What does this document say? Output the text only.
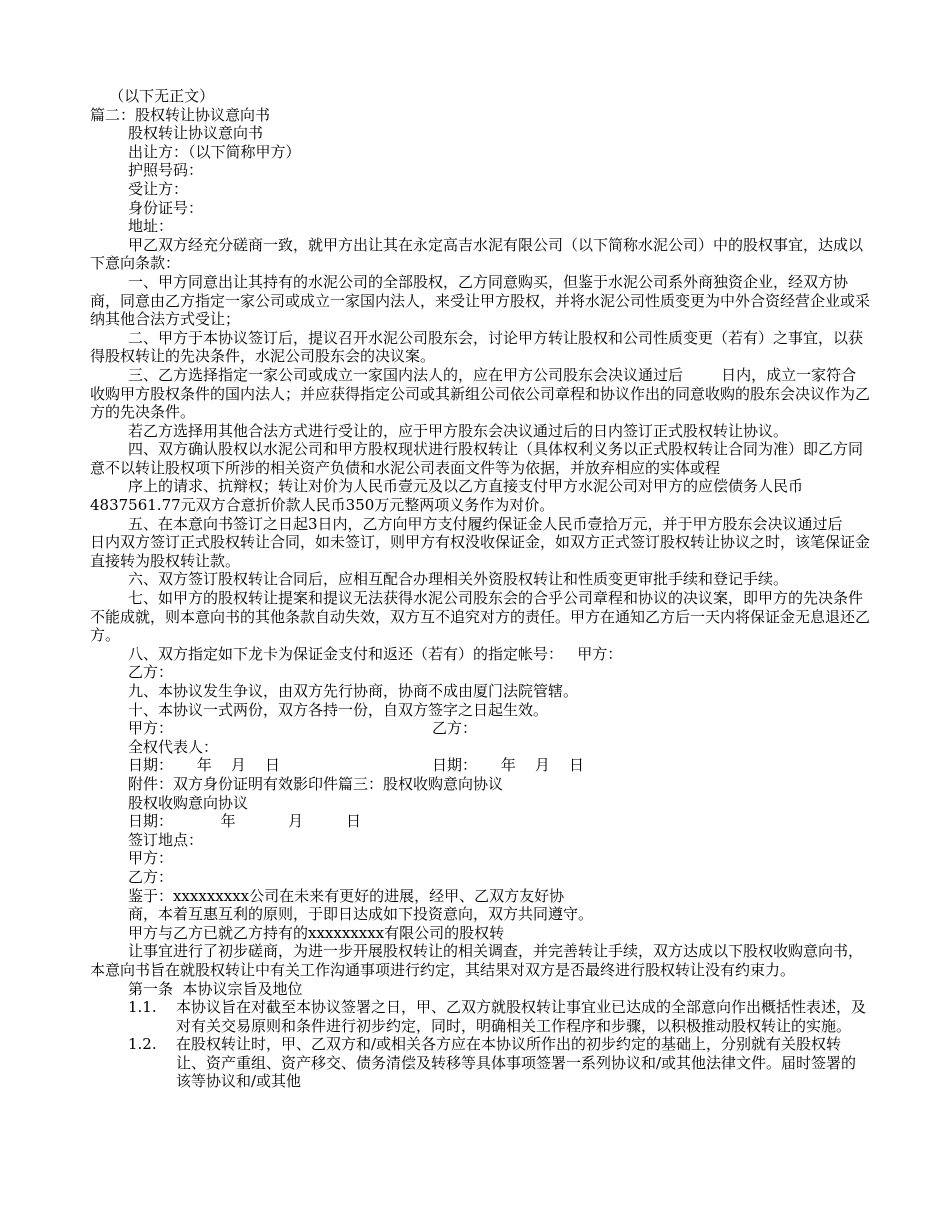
（以下无正文）

篇二：股权转让协议意向书

股权转让协议意向书

出让方：（以下简称甲方）

护照号码：

受让方：

身份证号：

地址：

甲乙双方经充分磋商一致，就甲方出让其在永定高吉水泥有限公司（以下简称水泥公司）中的股权事宜，达成以下意向条款：

一、甲方同意出让其持有的水泥公司的全部股权，乙方同意购买，但鉴于水泥公司系外商独资企业，经双方协商，同意由乙方指定一家公司或成立一家国内法人，来受让甲方股权，并将水泥公司性质变更为中外合资经营企业或采纳其他合法方式受让；

二、甲方于本协议签订后，提议召开水泥公司股东会，讨论甲方转让股权和公司性质变更（若有）之事宜，以获得股权转让的先决条件，水泥公司股东会的决议案。

三、乙方选择指定一家公司或成立一家国内法人的，应在甲方公司股东会决议通过后        日内，成立一家符合收购甲方股权条件的国内法人；并应获得指定公司或其新组公司依公司章程和协议作出的同意收购的股东会决议作为乙方的先决条件。

若乙方选择用其他合法方式进行受让的，应于甲方股东会决议通过后的日内签订正式股权转让协议。

四、双方确认股权以水泥公司和甲方股权现状进行股权转让（具体权利义务以正式股权转让合同为准）即乙方同意不以转让股权项下所涉的相关资产负债和水泥公司表面文件等为依据，并放弃相应的实体或程

序上的请求、抗辩权；转让对价为人民币壹元及以乙方直接支付甲方水泥公司对甲方的应偿债务人民币4837561.77元双方合意折价款人民币350万元整两项义务作为对价。

五、在本意向书签订之日起3日内，乙方向甲方支付履约保证金人民币壹拾万元，并于甲方股东会决议通过后      日内双方签订正式股权转让合同，如未签订，则甲方有权没收保证金，如双方正式签订股权转让协议之时，该笔保证金直接转为股权转让款。

六、双方签订股权转让合同后，应相互配合办理相关外资股权转让和性质变更审批手续和登记手续。

七、如甲方的股权转让提案和提议无法获得水泥公司股东会的合乎公司章程和协议的决议案，即甲方的先决条件不能成就，则本意向书的其他条款自动失效，双方互不追究对方的责任。甲方在通知乙方后一天内将保证金无息退还乙方。

八、双方指定如下龙卡为保证金支付和返还（若有）的指定帐号：   甲方：

乙方：

九、本协议发生争议，由双方先行协商，协商不成由厦门法院管辖。

十、本协议一式两份，双方各持一份，自双方签字之日起生效。

甲方：	乙方：

全权代表人：

日期：     年    月    日	日期：     年    月    日

附件：双方身份证明有效影印件篇三：股权收购意向协议

股权收购意向协议

日期：          年           月         日

签订地点：

甲方：

乙方：

鉴于：xxxxxxxxx公司在未来有更好的进展，经甲、乙双方友好协

商，本着互惠互利的原则，于即日达成如下投资意向，双方共同遵守。

甲方与乙方已就乙方持有的xxxxxxxxx有限公司的股权转

让事宜进行了初步磋商，为进一步开展股权转让的相关调查，并完善转让手续，双方达成以下股权收购意向书，本意向书旨在就股权转让中有关工作沟通事项进行约定，其结果对双方是否最终进行股权转让没有约束力。

第一条  本协议宗旨及地位

1.1.	本协议旨在对截至本协议签署之日，甲、乙双方就股权转让事宜业已达成的全部意向作出概括性表述，及对有关交易原则和条件进行初步约定，同时，明确相关工作程序和步骤，以积极推动股权转让的实施。
1.2.	在股权转让时，甲、乙双方和/或相关各方应在本协议所作出的初步约定的基础上，分别就有关股权转让、资产重组、资产移交、债务清偿及转移等具体事项签署一系列协议和/或其他法律文件。届时签署的该等协议和/或其他
